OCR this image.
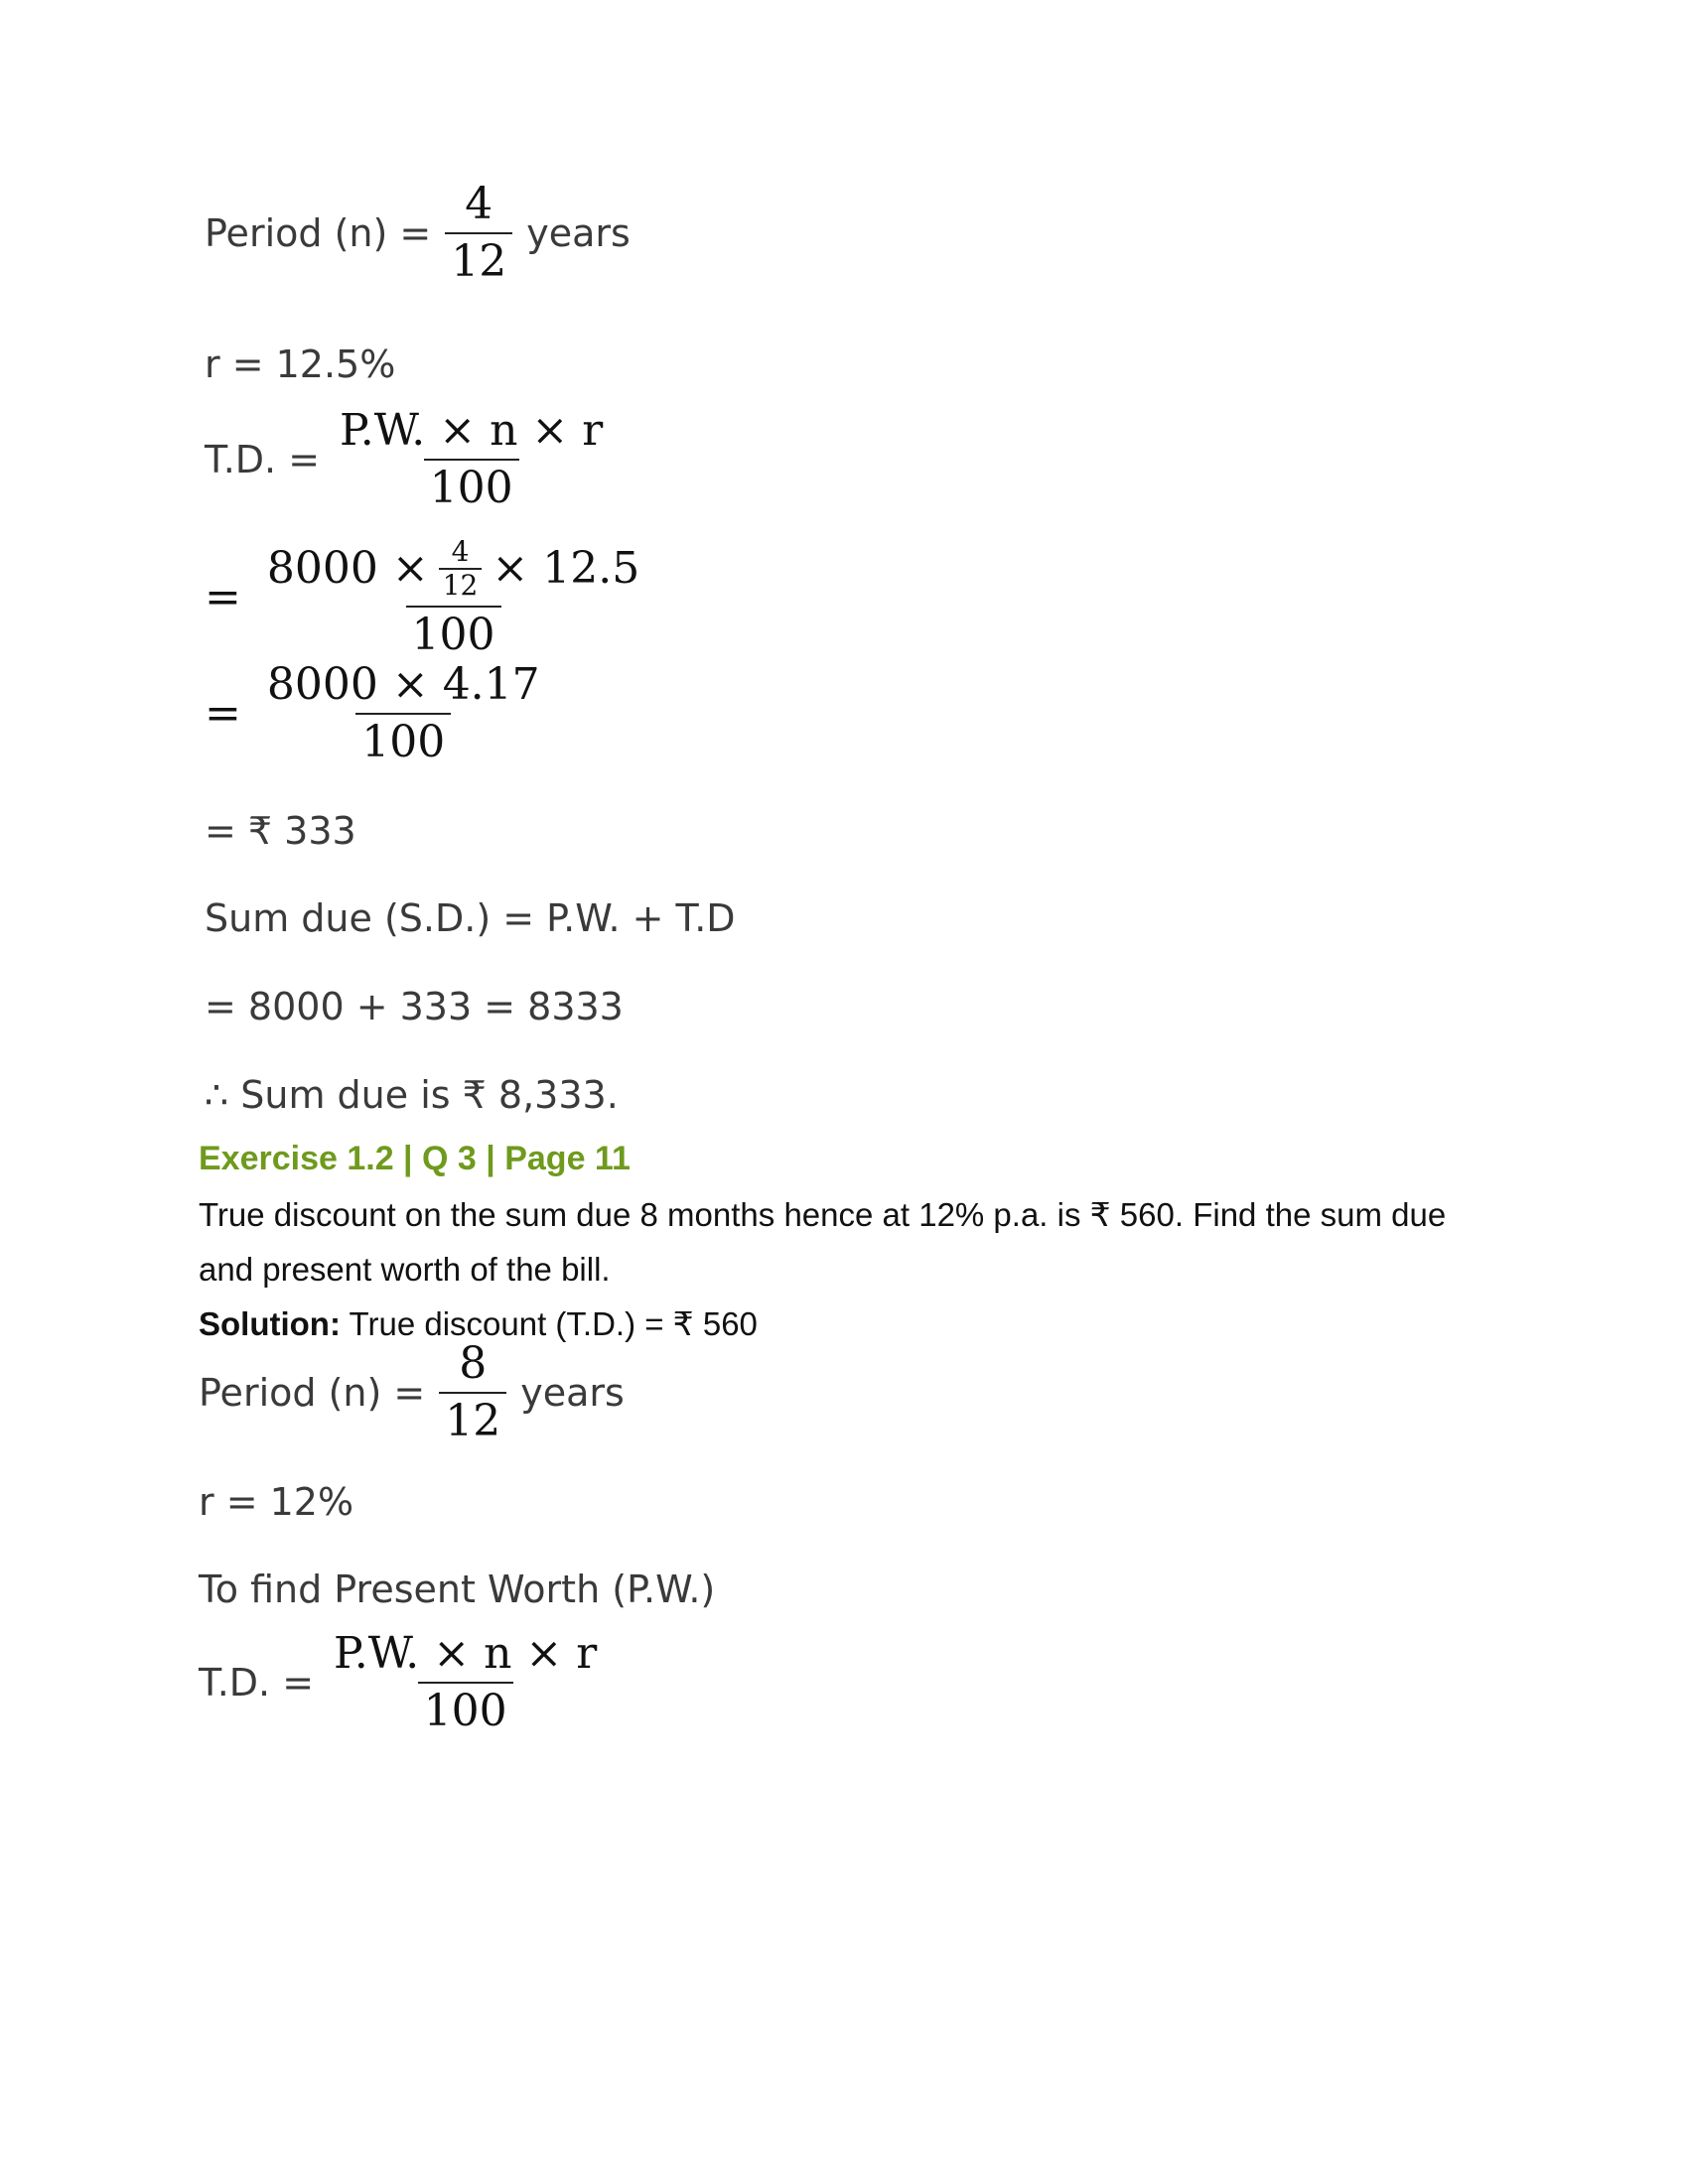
Period $(n) = \frac{4}{12}$ years
r = 12.5%
T.D. = $\frac{P.W. \times n \times r}{100}$
= $\frac{8000 \times \frac{4}{12} \times 12.5}{100}$
= $\frac{8000 \times 4.17}{100}$
= ₹ 333
Sum due (S.D.) = P.W. + T.D
= 8000 + 333 = 8333
∴ Sum due is ₹ 8,333.
Exercise 1.2 | Q 3 | Page 11
True discount on the sum due 8 months hence at 12% p.a. is ₹ 560. Find the sum due
and present worth of the bill.
Solution: True discount (T.D.) = ₹ 560
Period $(n) = \frac{8}{12}$ years
r = 12%
To find Present Worth (P.W.)
T.D. = $\frac{P.W. \times n \times r}{100}$
